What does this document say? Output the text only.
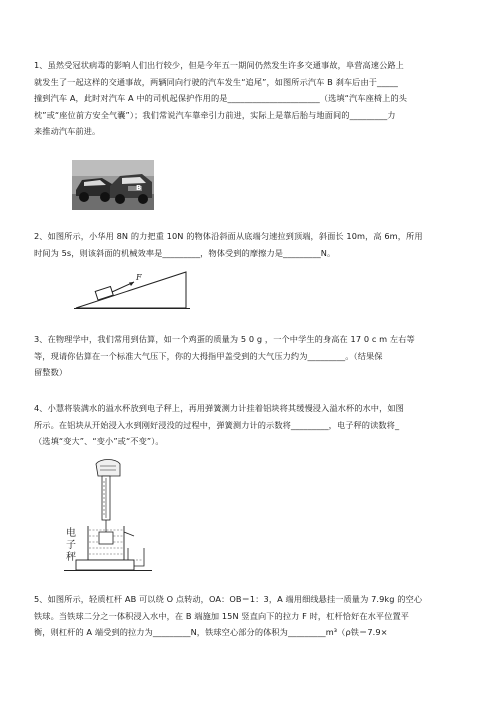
1、虽然受冠状病毒的影响人们出行较少，但是今年五一期间仍然发生许多交通事故，阜营高速公路上
就发生了一起这样的交通事故，两辆同向行驶的汽车发生“追尾”，如图所示汽车 B 刹车后由于_____
撞到汽车 A，此时对汽车 A 中的司机起保护作用的是______________________（选填“汽车座椅上的头
枕”或“座位前方安全气囊”）；我们常说汽车靠牵引力前进，实际上是靠后胎与地面间的_________力
来推动汽车前进。
B
2、如图所示，小华用 8N 的力把重 10N 的物体沿斜面从底端匀速拉到顶端，斜面长 10m，高 6m，所用
时间为 5s，则该斜面的机械效率是_________，物体受到的摩擦力是_________N。
F
3、在物理学中，我们常用到估算，如一个鸡蛋的质量为 5 0 g ，一个中学生的身高在 17 0 c m 左右等
等，现请你估算在一个标准大气压下，你的大拇指甲盖受到的大气压力约为_________。（结果保
留整数）
4、小慧将装满水的溢水杯放到电子秤上，再用弹簧测力计挂着铝块将其缓慢浸入溢水杯的水中，如图
所示。在铝块从开始浸入水到刚好浸没的过程中，弹簧测力计的示数将_________，电子秤的读数将_
（选填“变大”、“变小”或“不变”）。
电子秤
5、如图所示，轻质杠杆 AB 可以绕 O 点转动，OA：OB＝1：3，A 端用细线悬挂一质量为 7.9kg 的空心
铁球。当铁球二分之一体积浸入水中，在 B 端施加 15N 竖直向下的拉力 F 时，杠杆恰好在水平位置平
衡，则杠杆的 A 端受到的拉力为_________N，铁球空心部分的体积为_________m³（ρ铁＝7.9×
